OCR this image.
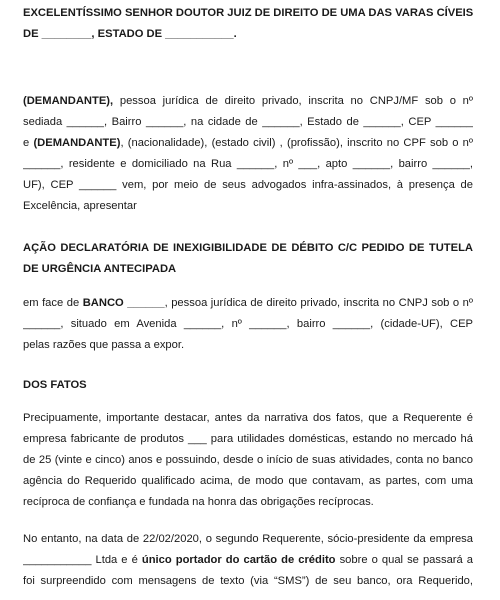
EXCELENTÍSSIMO SENHOR DOUTOR JUIZ DE DIREITO DE UMA DAS VARAS CÍVEIS
DE ________, ESTADO DE ___________.
(DEMANDANTE), pessoa jurídica de direito privado, inscrita no CNPJ/MF sob o nº
sediada ______, Bairro ______, na cidade de ______, Estado de ______, CEP ______
e (DEMANDANTE), (nacionalidade), (estado civil) , (profissão), inscrito no CPF sob o nº
______, residente e domiciliado na Rua ______, nº ___, apto ______, bairro ______,
UF), CEP ______ vem, por meio de seus advogados infra-assinados, à presença de
Excelência, apresentar
AÇÃO DECLARATÓRIA DE INEXIGIBILIDADE DE DÉBITO C/C PEDIDO DE TUTELA
DE URGÊNCIA ANTECIPADA
em face de BANCO ______, pessoa jurídica de direito privado, inscrita no CNPJ sob o nº
______, situado em Avenida ______, nº ______, bairro ______, (cidade-UF), CEP
pelas razões que passa a expor.
DOS FATOS
Precipuamente, importante destacar, antes da narrativa dos fatos, que a Requerente é
empresa fabricante de produtos ___ para utilidades domésticas, estando no mercado há
de 25 (vinte e cinco) anos e possuindo, desde o início de suas atividades, conta no banco
agência do Requerido qualificado acima, de modo que contavam, as partes, com uma
recíproca de confiança e fundada na honra das obrigações recíprocas.
No entanto, na data de 22/02/2020, o segundo Requerente, sócio-presidente da empresa
___________ Ltda e é único portador do cartão de crédito sobre o qual se passará a
foi surpreendido com mensagens de texto (via “SMS”) de seu banco, ora Requerido,
